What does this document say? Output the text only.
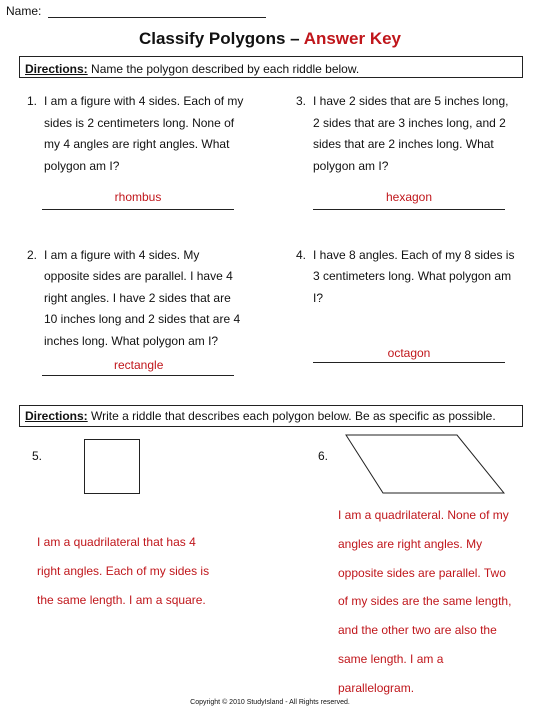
Name:
Classify Polygons – Answer Key
Directions: Name the polygon described by each riddle below.
1. I am a figure with 4 sides. Each of my
sides is 2 centimeters long. None of
my 4 angles are right angles. What
polygon am I?
rhombus
3. I have 2 sides that are 5 inches long,
2 sides that are 3 inches long, and 2
sides that are 2 inches long. What
polygon am I?
hexagon
2. I am a figure with 4 sides. My
opposite sides are parallel. I have 4
right angles. I have 2 sides that are
10 inches long and 2 sides that are 4
inches long. What polygon am I?
rectangle
4. I have 8 angles. Each of my 8 sides is
3 centimeters long. What polygon am
I?
octagon
Directions: Write a riddle that describes each polygon below. Be as specific as possible.
5.
I am a quadrilateral that has 4
right angles. Each of my sides is
the same length. I am a square.
6.
I am a quadrilateral. None of my
angles are right angles. My
opposite sides are parallel. Two
of my sides are the same length,
and the other two are also the
same length. I am a
parallelogram.
Copyright © 2010 StudyIsland - All Rights reserved.
